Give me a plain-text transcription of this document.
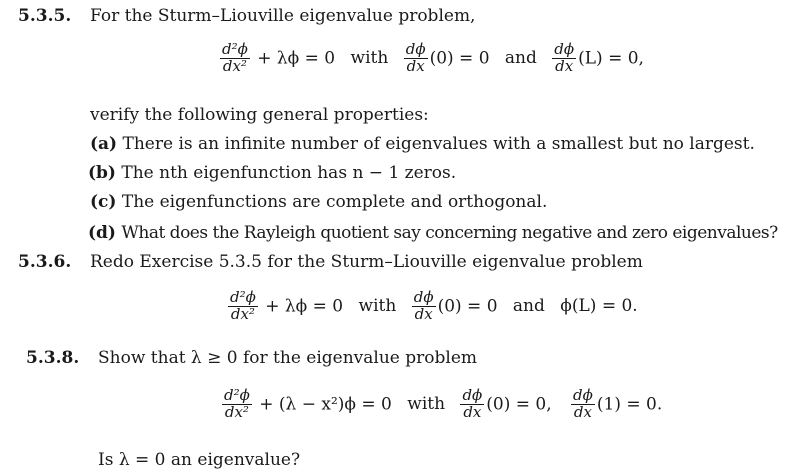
5.3.5. For the Sturm–Liouville eigenvalue problem,
$\frac{\text{d²ϕ}}{\text{dx²}} + \lambda\phi = 0$ with $\frac{d\phi}{dx} (0) = 0$ and $\frac{d\phi}{dx} (L) = 0$,
verify the following general properties:
(a) There is an infinite number of eigenvalues with a smallest but no largest.
(b) The nth eigenfunction has n − 1 zeros.
(c) The eigenfunctions are complete and orthogonal.
(d) What does the Rayleigh quotient say concerning negative and zero eigenvalues?
5.3.6. Redo Exercise 5.3.5 for the Sturm–Liouville eigenvalue problem
$\frac{\text{d²ϕ}}{\text{dx²}} + \lambda\phi = 0$ with $\frac{d\phi}{dx} (0) = 0$ and ϕ(L) = 0.
5.3.8. Show that λ ≥ 0 for the eigenvalue problem
$\frac{\text{d²ϕ}}{\text{dx²}} + (\lambda - x^2)\phi = 0$ with $\frac{d\phi}{dx} (0) = 0$, $\frac{d\phi}{dx} (1) = 0$.
Is λ = 0 an eigenvalue?
